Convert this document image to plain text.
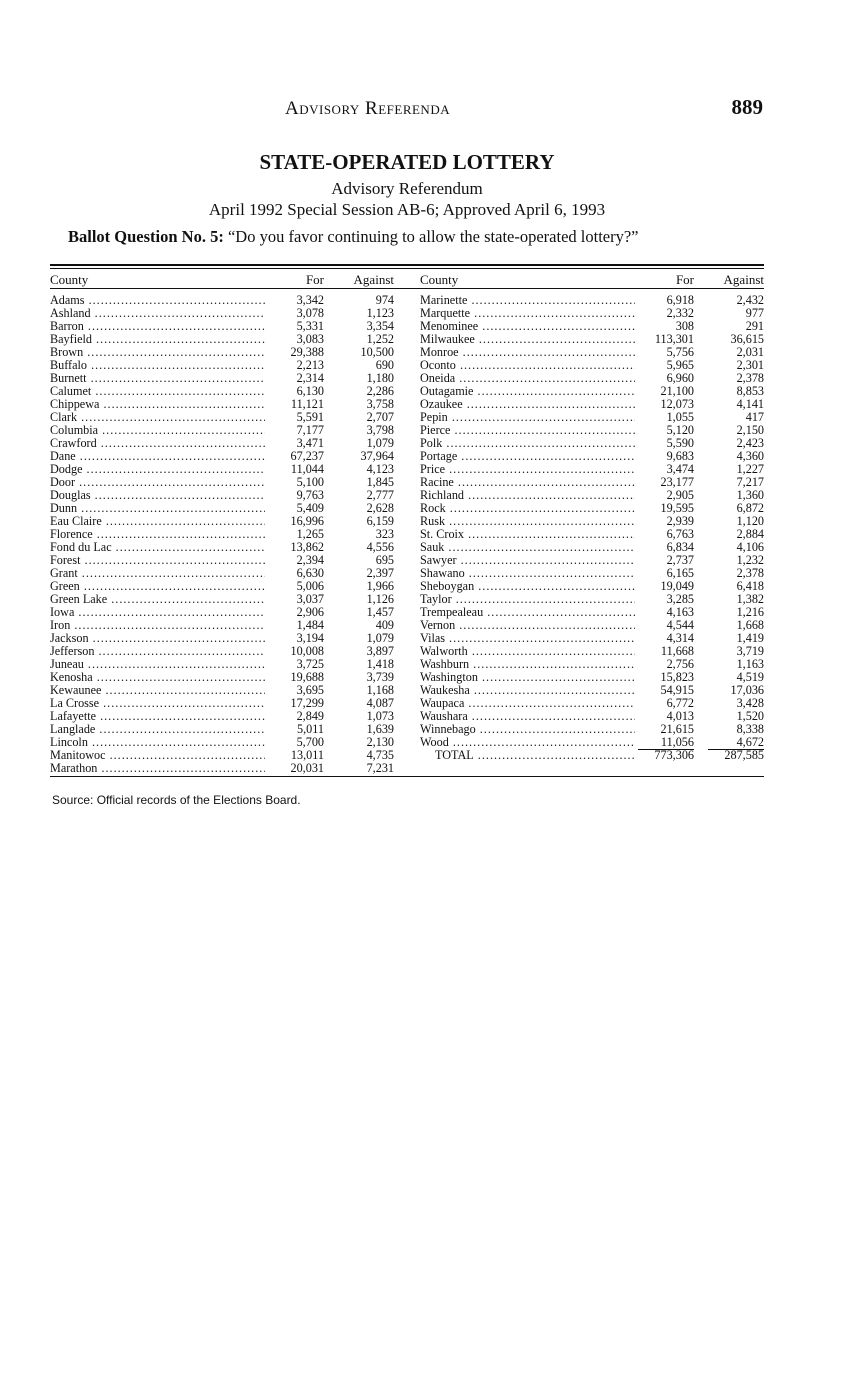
Advisory Referenda	889
STATE-OPERATED LOTTERY
Advisory Referendum
April 1992 Special Session AB-6; Approved April 6, 1993
Ballot Question No. 5: “Do you favor continuing to allow the state-operated lottery?”
County	For Against County	For Against
Adams .....	3,342	974 Marinette .....	6,918	2,432
Ashland .....	3,078	1,123 Marquette .....	2,332	977
Barron .....	5,331	3,354 Menominee .....	308	291
Bayfield .....	3,083	1,252 Milwaukee .....	113,301	36,615
Brown .....	29,388	10,500 Monroe .....	5,756	2,031
Buffalo .....	2,213	690 Oconto .....	5,965	2,301
Burnett .....	2,314	1,180 Oneida .....	6,960	2,378
Calumet .....	6,130	2,286 Outagamie .....	21,100	8,853
Chippewa .....	11,121	3,758 Ozaukee .....	12,073	4,141
Clark .....	5,591	2,707 Pepin .....	1,055	417
Columbia .....	7,177	3,798 Pierce .....	5,120	2,150
Crawford .....	3,471	1,079 Polk .....	5,590	2,423
Dane .....	67,237	37,964 Portage .....	9,683	4,360
Dodge .....	11,044	4,123 Price .....	3,474	1,227
Door .....	5,100	1,845 Racine .....	23,177	7,217
Douglas .....	9,763	2,777 Richland .....	2,905	1,360
Dunn .....	5,409	2,628 Rock .....	19,595	6,872
Eau Claire .....	16,996	6,159 Rusk .....	2,939	1,120
Florence .....	1,265	323 St. Croix .....	6,763	2,884
Fond du Lac .....	13,862	4,556 Sauk .....	6,834	4,106
Forest .....	2,394	695 Sawyer .....	2,737	1,232
Grant .....	6,630	2,397 Shawano .....	6,165	2,378
Green .....	5,006	1,966 Sheboygan .....	19,049	6,418
Green Lake .....	3,037	1,126 Taylor .....	3,285	1,382
Iowa .....	2,906	1,457 Trempealeau .....	4,163	1,216
Iron .....	1,484	409 Vernon .....	4,544	1,668
Jackson .....	3,194	1,079 Vilas .....	4,314	1,419
Jefferson .....	10,008	3,897 Walworth .....	11,668	3,719
Juneau .....	3,725	1,418 Washburn .....	2,756	1,163
Kenosha .....	19,688	3,739 Washington .....	15,823	4,519
Kewaunee .....	3,695	1,168 Waukesha .....	54,915	17,036
La Crosse .....	17,299	4,087 Waupaca .....	6,772	3,428
Lafayette .....	2,849	1,073 Waushara .....	4,013	1,520
Langlade .....	5,011	1,639 Winnebago .....	21,615	8,338
Lincoln .....	5,700	2,130 Wood .....	11,056	4,672
Manitowoc .....	13,011	4,735	TOTAL .....	773,306 287,585
Marathon .....	20,031	7,231
Source: Official records of the Elections Board.
